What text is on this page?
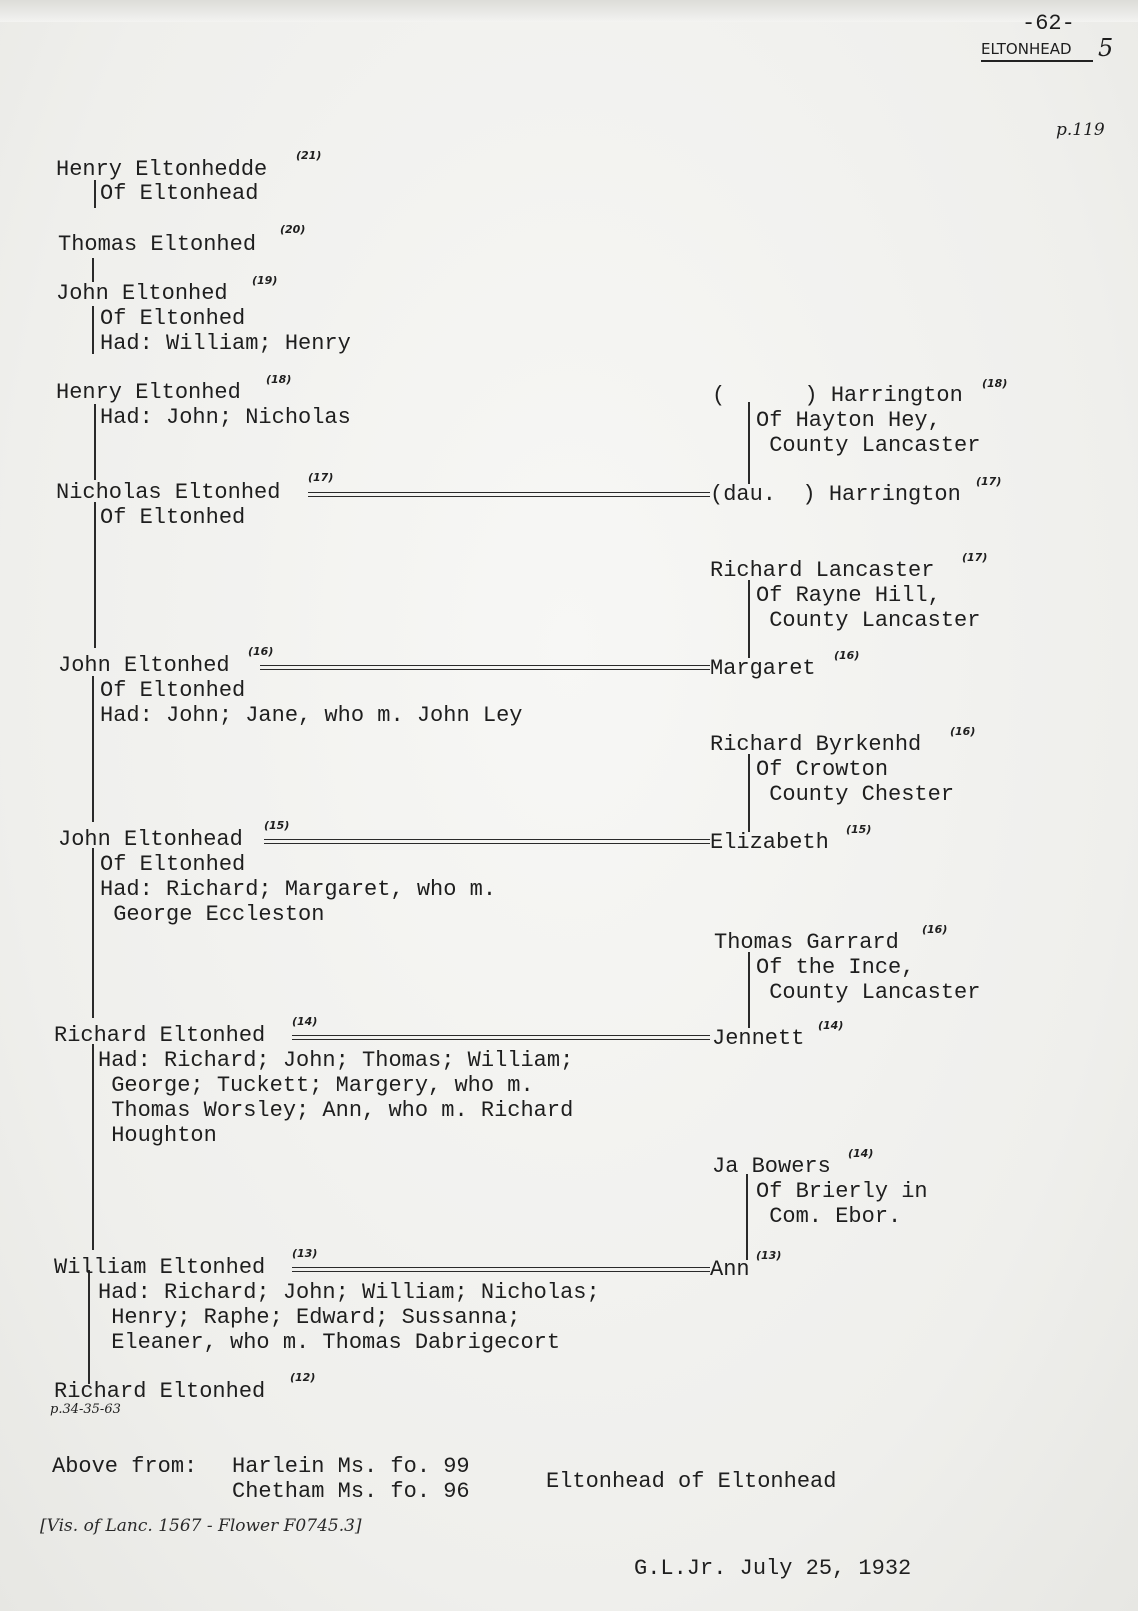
-62-
ELTONHEAD 5
p.119
Henry Eltonhedde
(21)
Of Eltonhead
Thomas Eltonhed
(20)
John Eltonhed
(19)
Of Eltonhed
Had: William; Henry
Henry Eltonhed
(18)
Had: John; Nicholas
Nicholas Eltonhed
(17)
Of Eltonhed
John Eltonhed
(16)
Of Eltonhed
Had: John; Jane, who m. John Ley
John Eltonhead
(15)
Of Eltonhed
Had: Richard; Margaret, who m.
George Eccleston
Richard Eltonhed
(14)
Had: Richard; John; Thomas; William;
George; Tuckett; Margery, who m.
Thomas Worsley; Ann, who m. Richard
Houghton
William Eltonhed
(13)
Had: Richard; John; William; Nicholas;
Henry; Raphe; Edward; Sussanna;
Eleaner, who m. Thomas Dabrigecort
Richard Eltonhed
(12)
(      ) Harrington (18)
Of Hayton Hey,
County Lancaster
(dau.  ) Harrington
(17)
Richard Lancaster
(17)
Of Rayne Hill,
County Lancaster
Margaret
(16)
Richard Byrkenhd
(16)
Of Crowton
County Chester
Elizabeth
(15)
Thomas Garrard
(16)
Of the Ince,
County Lancaster
Jennett
(14)
Ja Bowers
(14)
Of Brierly in
Com. Ebor.
Ann
(13)
p.34-35-63
Above from: Harlein Ms. fo. 99
Chetham Ms. fo. 96	Eltonhead of Eltonhead
[Vis. of Lanc. 1567 - Flower F0745.3]
G.L.Jr. July 25, 1932
